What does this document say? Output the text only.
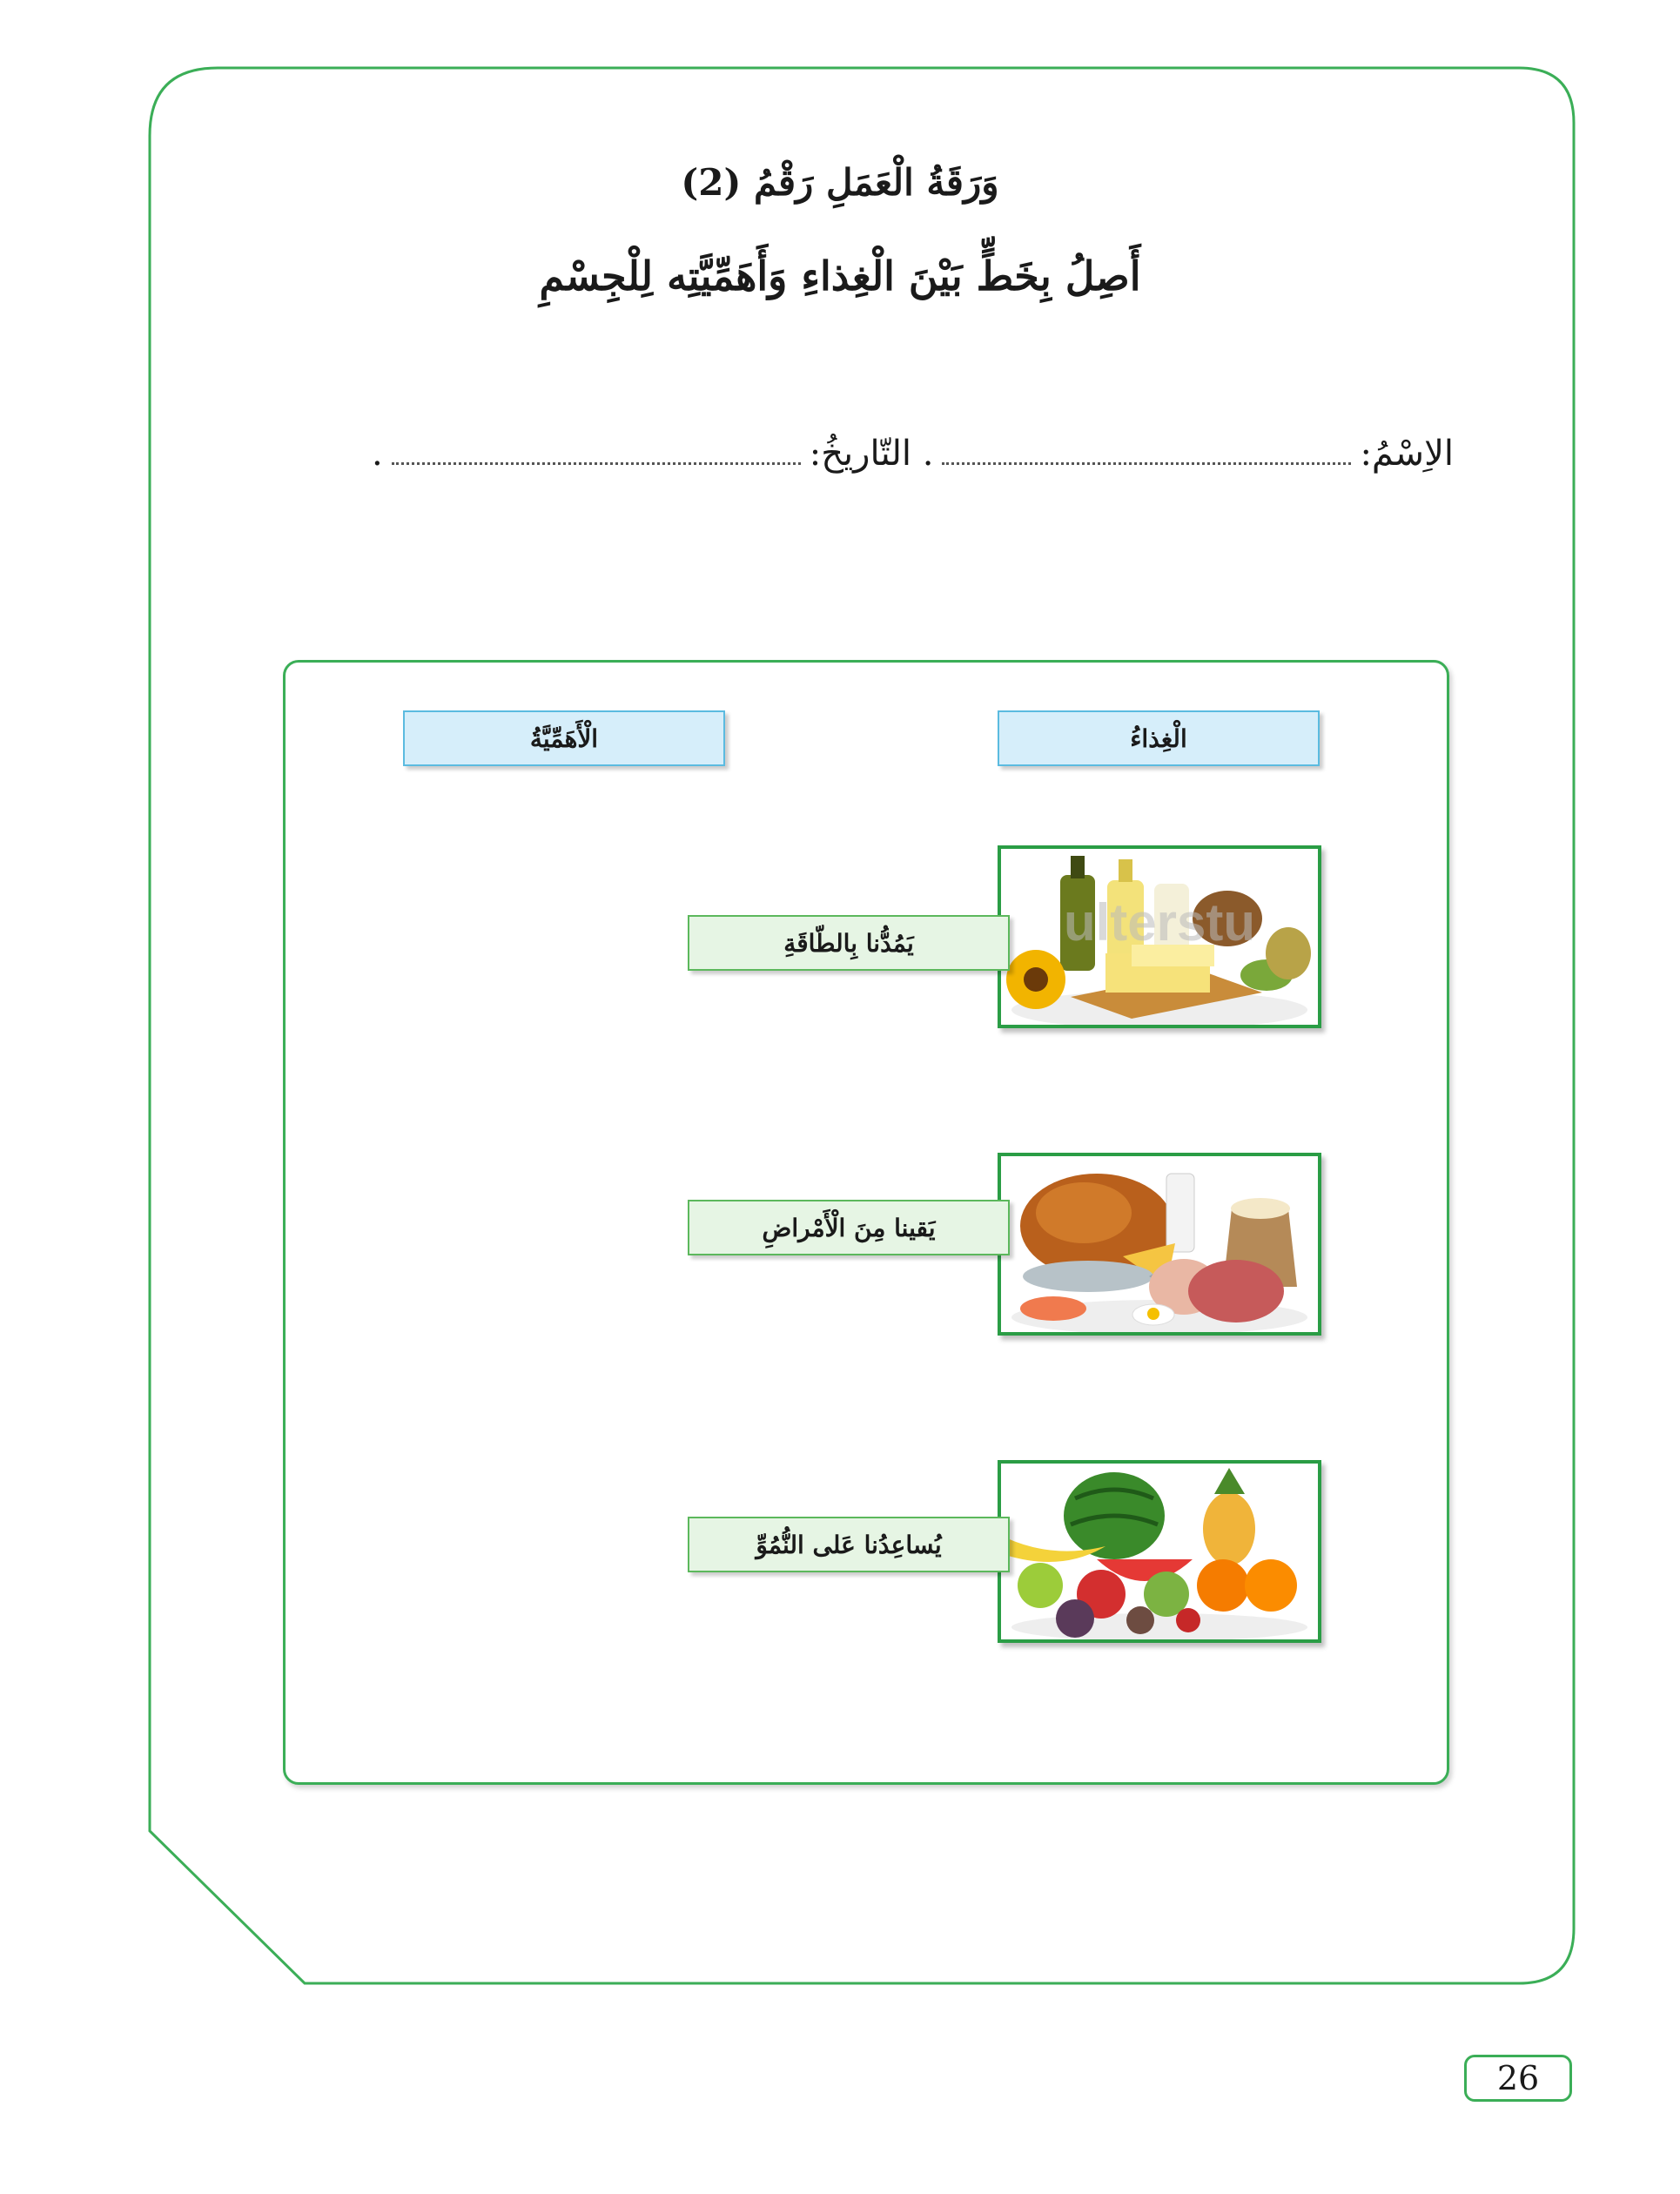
وَرَقَةُ الْعَمَلِ رَقْمُ (2)
أَصِلُ بِخَطٍّ بَيْنَ الْغِذاءِ وَأَهَمِّيَّتِه لِلْجِسْمِ
الاِسْمُ:
. التّاريخُ:
.
الْغِذاءُ
الْأَهَمِّيَّةُ
ulterstu
يَمُدُّنا بِالطّاقَةِ
يَقينا مِنَ الْأَمْراضِ
يُساعِدُنا عَلى النُّمُوِّ
26
